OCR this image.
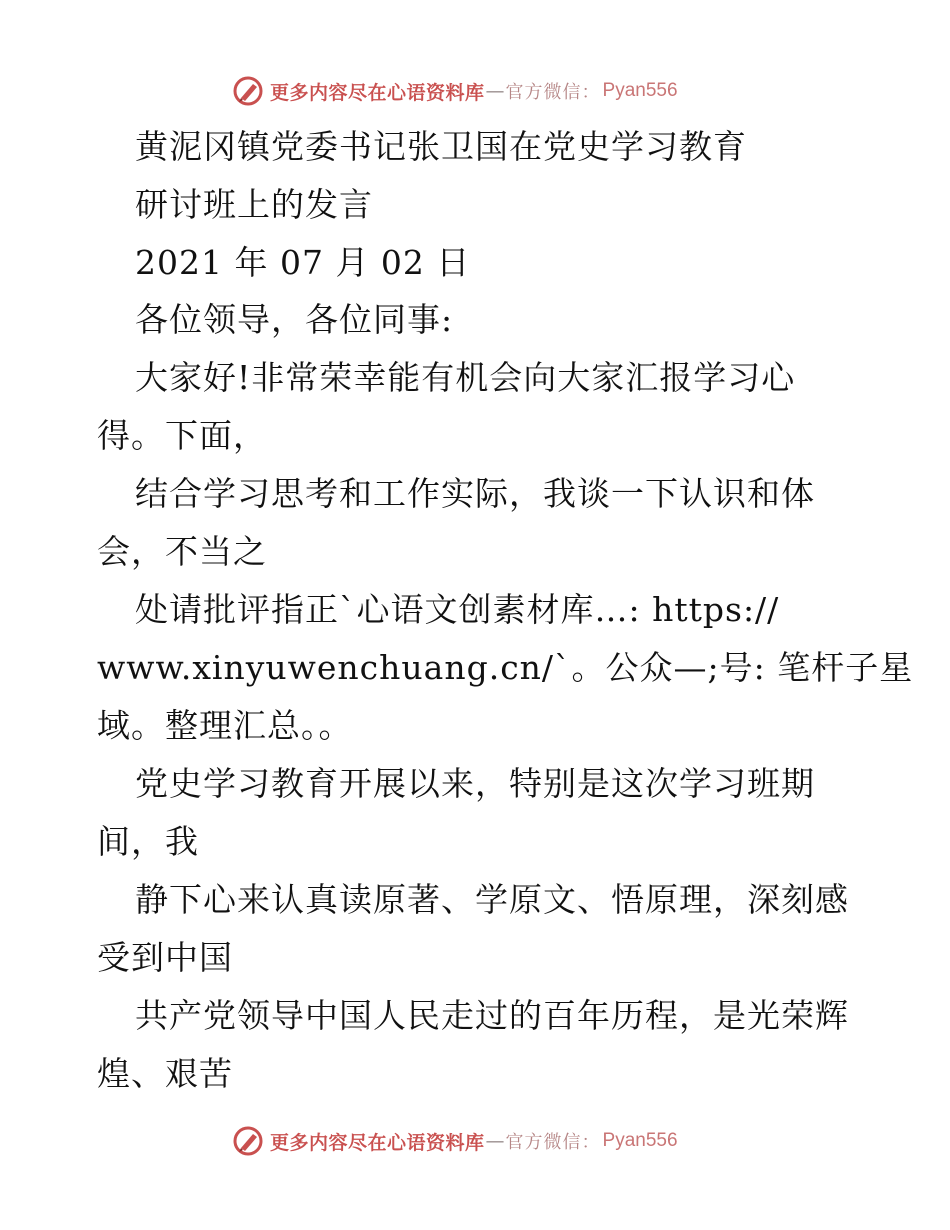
更多内容尽在心语资料库 — 官方微信： Pyan556
黄泥冈镇党委书记张卫国在党史学习教育
研讨班上的发言
2021 年 07 月 02 日
各位领导，各位同事:
大家好!非常荣幸能有机会向大家汇报学习心
得。下面，
结合学习思考和工作实际，我谈一下认识和体
会，不当之
处请批评指正`心语文创素材库…: https://
www.xinyuwenchuang.cn/`。公众—;号: 笔杆子星
域。整理汇总。。
党史学习教育开展以来，特别是这次学习班期
间，我
静下心来认真读原著、学原文、悟原理，深刻感
受到中国
共产党领导中国人民走过的百年历程，是光荣辉
煌、艰苦
更多内容尽在心语资料库 — 官方微信： Pyan556
